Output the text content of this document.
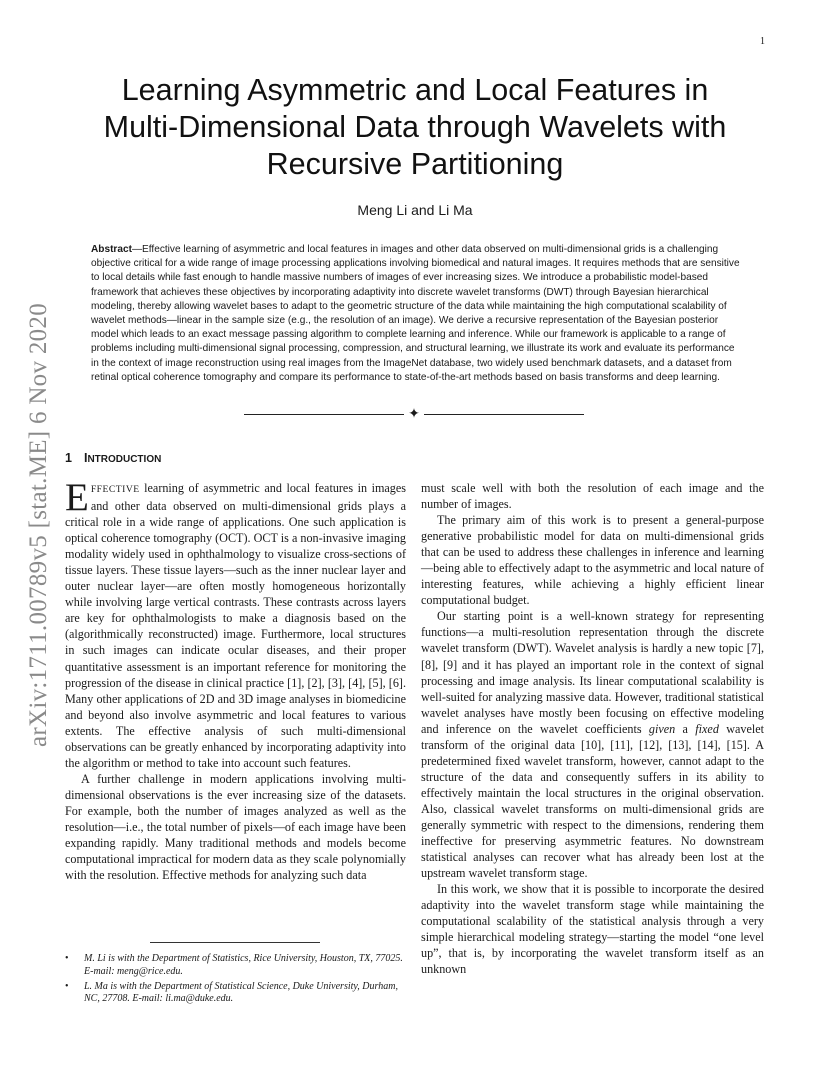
1
arXiv:1711.00789v5 [stat.ME] 6 Nov 2020
Learning Asymmetric and Local Features in
Multi-Dimensional Data through Wavelets with
Recursive Partitioning
Meng Li and Li Ma

Abstract—Effective learning of asymmetric and local features in images and other data observed on multi-dimensional grids is a challenging objective critical for a wide range of image processing applications involving biomedical and natural images. It requires methods that are sensitive to local details while fast enough to handle massive numbers of images of ever increasing sizes. We introduce a probabilistic model-based framework that achieves these objectives by incorporating adaptivity into discrete wavelet transforms (DWT) through Bayesian hierarchical modeling, thereby allowing wavelet bases to adapt to the geometric structure of the data while maintaining the high computational scalability of wavelet methods—linear in the sample size (e.g., the resolution of an image). We derive a recursive representation of the Bayesian posterior model which leads to an exact message passing algorithm to complete learning and inference. While our framework is applicable to a range of problems including multi-dimensional signal processing, compression, and structural learning, we illustrate its work and evaluate its performance in the context of image reconstruction using real images from the ImageNet database, two widely used benchmark datasets, and a dataset from retinal optical coherence tomography and compare its performance to state-of-the-art methods based on basis transforms and deep learning.

✦
1 INTRODUCTION

EFFECTIVE learning of asymmetric and local features in images and other data observed on multi-dimensional grids plays a critical role in a wide range of applications. One such application is optical coherence tomography (OCT). OCT is a non-invasive imaging modality widely used in ophthalmology to visualize cross-sections of tissue layers. These tissue layers—such as the inner nuclear layer and outer nuclear layer—are often mostly homogeneous horizontally while involving large vertical contrasts. These contrasts across layers are key for ophthalmologists to make a diagnosis based on the (algorithmically reconstructed) image. Furthermore, local structures in such images can indicate ocular diseases, and their proper quantitative assessment is an important reference for monitoring the progression of the disease in clinical practice [1], [2], [3], [4], [5], [6]. Many other applications of 2D and 3D image analyses in biomedicine and beyond also involve asymmetric and local features to various extents. The effective analysis of such multi-dimensional observations can be greatly enhanced by incorporating adaptivity into the algorithm or method to take into account such features.

A further challenge in modern applications involving multi-dimensional observations is the ever increasing size of the datasets. For example, both the number of images analyzed as well as the resolution—i.e., the total number of pixels—of each image have been expanding rapidly. Many traditional methods and models become computational impractical for modern data as they scale polynomially with the resolution. Effective methods for analyzing such data

must scale well with both the resolution of each image and the number of images.

The primary aim of this work is to present a general-purpose generative probabilistic model for data on multi-dimensional grids that can be used to address these challenges in inference and learning—being able to effectively adapt to the asymmetric and local nature of interesting features, while achieving a highly efficient linear computational budget.

Our starting point is a well-known strategy for representing functions—a multi-resolution representation through the discrete wavelet transform (DWT). Wavelet analysis is hardly a new topic [7], [8], [9] and it has played an important role in the context of signal processing and image analysis. Its linear computational scalability is well-suited for analyzing massive data. However, traditional statistical wavelet analyses have mostly been focusing on effective modeling and inference on the wavelet coefficients given a fixed wavelet transform of the original data [10], [11], [12], [13], [14], [15]. A predetermined fixed wavelet transform, however, cannot adapt to the structure of the data and consequently suffers in its ability to effectively maintain the local structures in the original observation. Also, classical wavelet transforms on multi-dimensional grids are generally symmetric with respect to the dimensions, rendering them ineffective for preserving asymmetric features. No downstream statistical analyses can recover what has already been lost at the upstream wavelet transform stage.

In this work, we show that it is possible to incorporate the desired adaptivity into the wavelet transform stage while maintaining the computational scalability of the statistical analysis through a very simple hierarchical modeling strategy—starting the model “one level up”, that is, by incorporating the wavelet transform itself as an unknown

• M. Li is with the Department of Statistics, Rice University, Houston, TX, 77025. E-mail: meng@rice.edu.
• L. Ma is with the Department of Statistical Science, Duke University, Durham, NC, 27708. E-mail: li.ma@duke.edu.
